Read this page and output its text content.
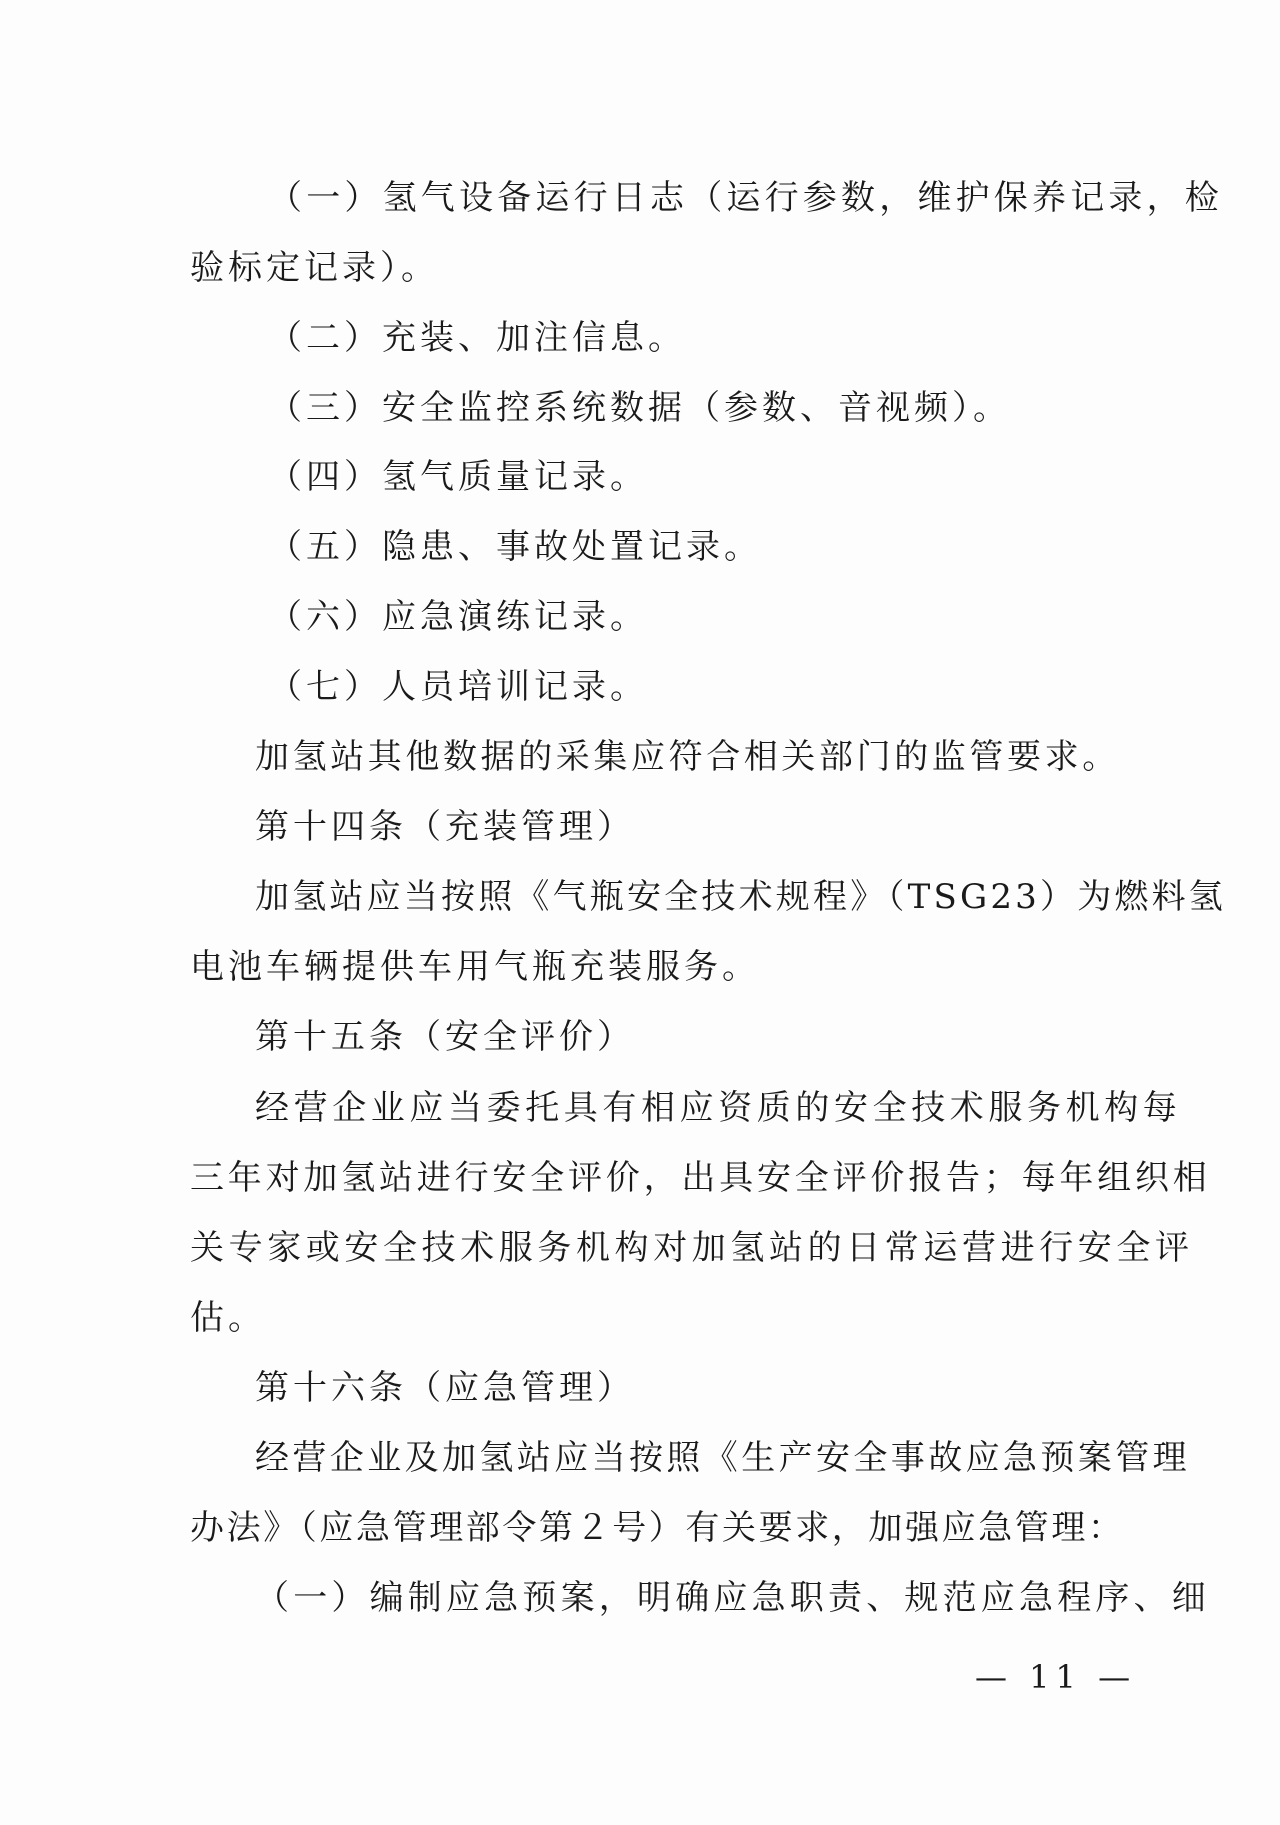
（一）氢气设备运行日志（运行参数，维护保养记录，检
验标定记录）。
（二）充装、加注信息。
（三）安全监控系统数据（参数、音视频）。
（四）氢气质量记录。
（五）隐患、事故处置记录。
（六）应急演练记录。
（七）人员培训记录。
加氢站其他数据的采集应符合相关部门的监管要求。
第十四条（充装管理）
加氢站应当按照《气瓶安全技术规程》（TSG23）为燃料氢
电池车辆提供车用气瓶充装服务。
第十五条（安全评价）
经营企业应当委托具有相应资质的安全技术服务机构每
三年对加氢站进行安全评价，出具安全评价报告；每年组织相
关专家或安全技术服务机构对加氢站的日常运营进行安全评
估。
第十六条（应急管理）
经营企业及加氢站应当按照《生产安全事故应急预案管理
办法》（应急管理部令第２号）有关要求，加强应急管理：
（一）编制应急预案，明确应急职责、规范应急程序、细
— 11 —
